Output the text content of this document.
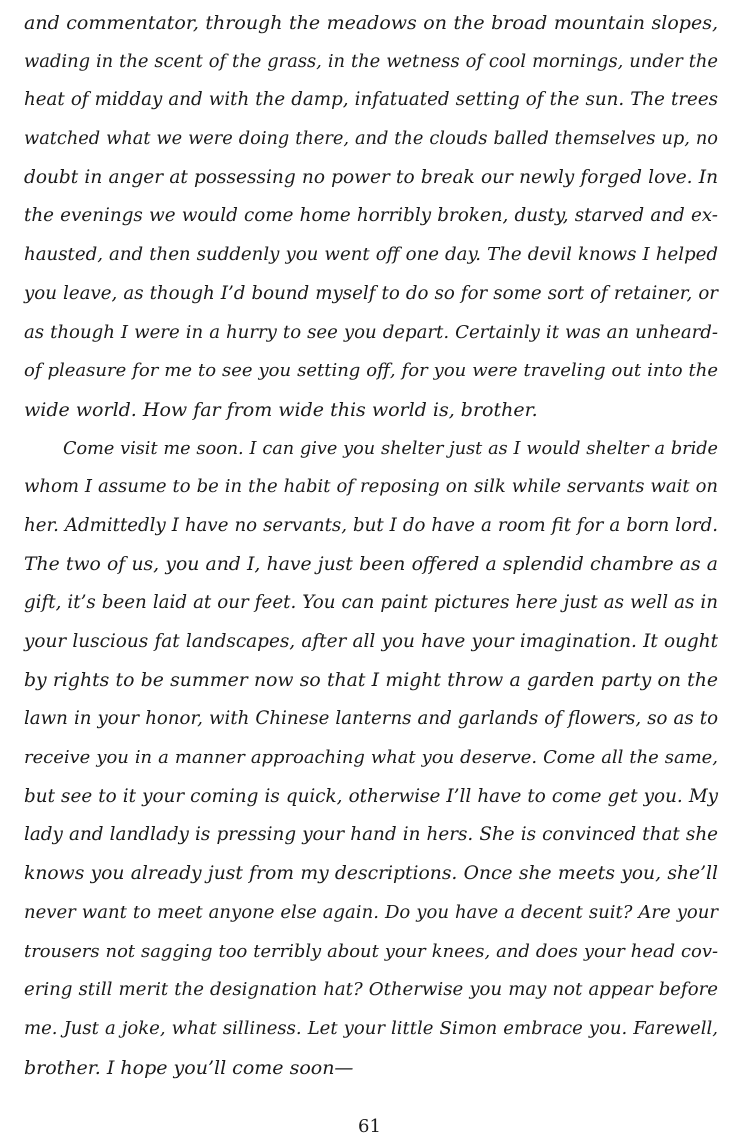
and commentator, through the meadows on the broad mountain slopes,
wading in the scent of the grass, in the wetness of cool mornings, under the
heat of midday and with the damp, infatuated setting of the sun. The trees
watched what we were doing there, and the clouds balled themselves up, no
doubt in anger at possessing no power to break our newly forged love. In
the evenings we would come home horribly broken, dusty, starved and ex-
hausted, and then suddenly you went off one day. The devil knows I helped
you leave, as though I’d bound myself to do so for some sort of retainer, or
as though I were in a hurry to see you depart. Certainly it was an unheard-
of pleasure for me to see you setting off, for you were traveling out into the
wide world. How far from wide this world is, brother.
Come visit me soon. I can give you shelter just as I would shelter a bride
whom I assume to be in the habit of reposing on silk while servants wait on
her. Admittedly I have no servants, but I do have a room fit for a born lord.
The two of us, you and I, have just been offered a splendid chambre as a
gift, it’s been laid at our feet. You can paint pictures here just as well as in
your luscious fat landscapes, after all you have your imagination. It ought
by rights to be summer now so that I might throw a garden party on the
lawn in your honor, with Chinese lanterns and garlands of flowers, so as to
receive you in a manner approaching what you deserve. Come all the same,
but see to it your coming is quick, otherwise I’ll have to come get you. My
lady and landlady is pressing your hand in hers. She is convinced that she
knows you already just from my descriptions. Once she meets you, she’ll
never want to meet anyone else again. Do you have a decent suit? Are your
trousers not sagging too terribly about your knees, and does your head cov-
ering still merit the designation hat? Otherwise you may not appear before
me. Just a joke, what silliness. Let your little Simon embrace you. Farewell,
brother. I hope you’ll come soon—
61
